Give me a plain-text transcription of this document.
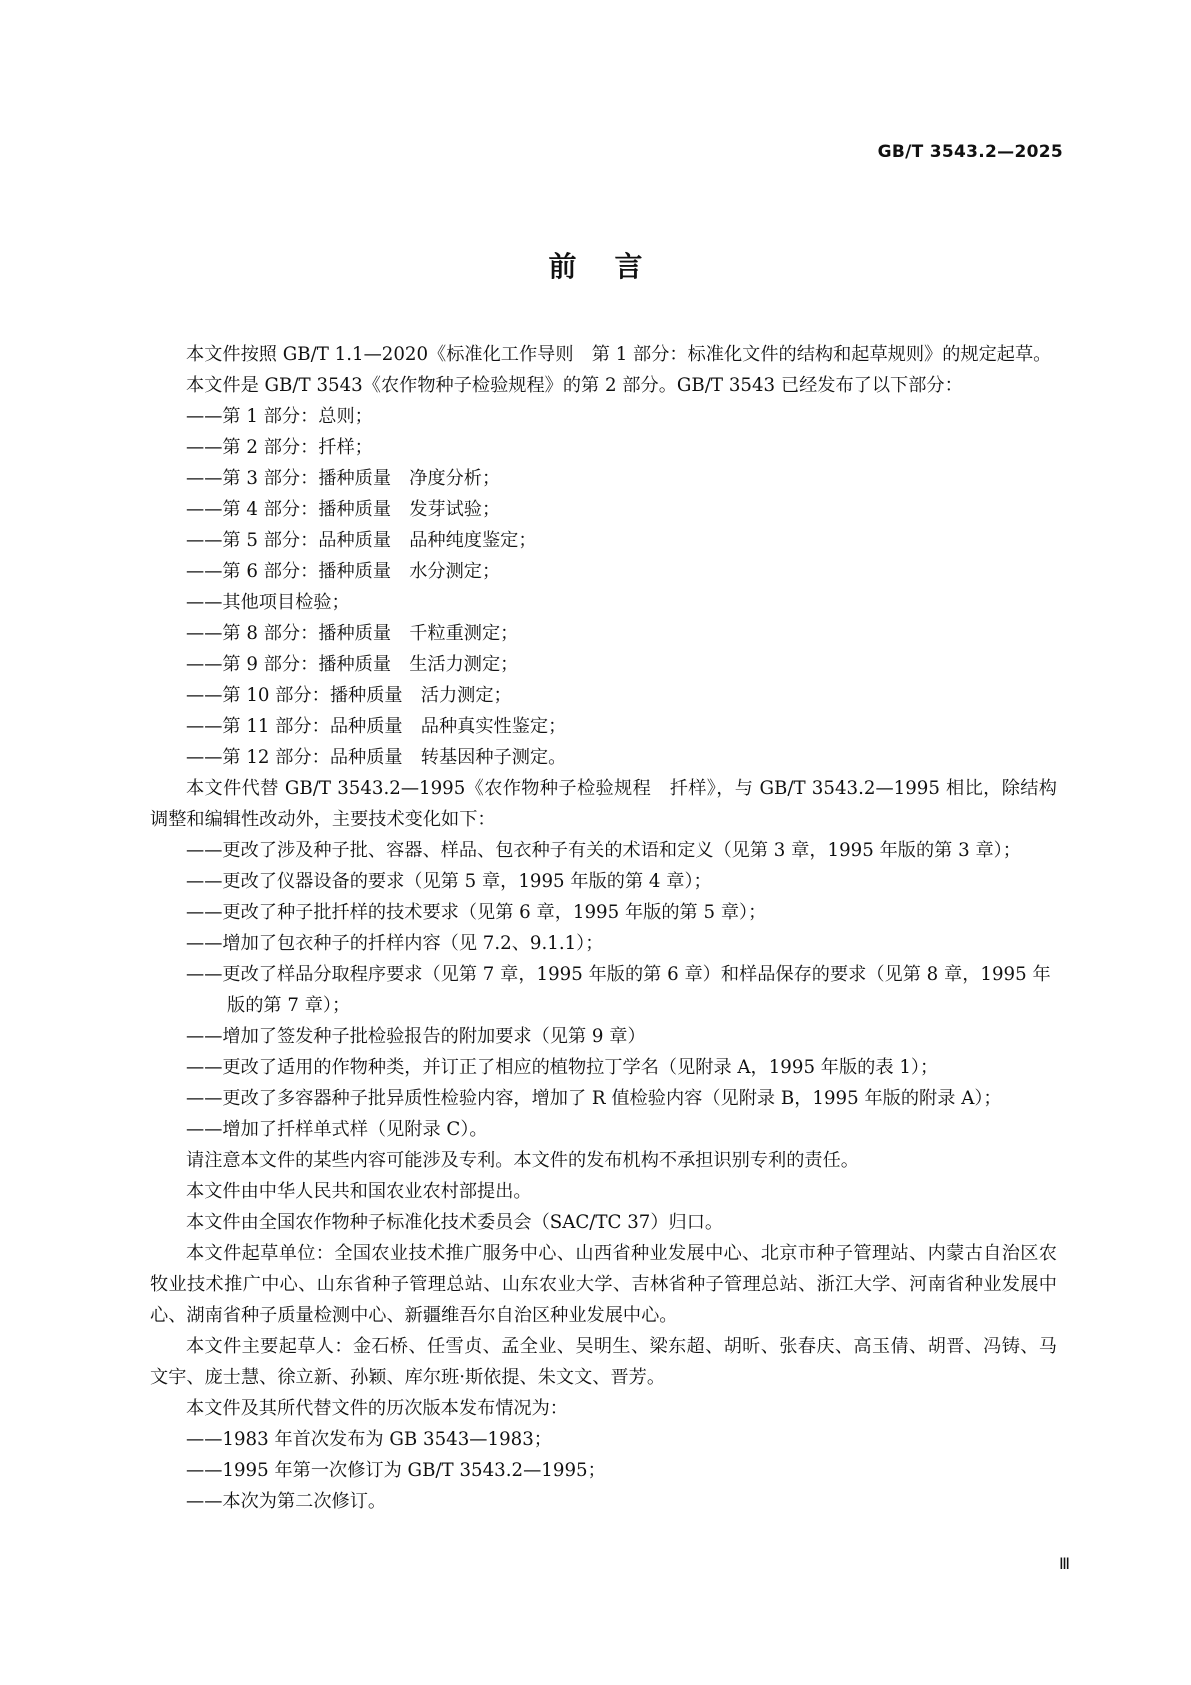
GB/T 3543.2—2025
前言

本文件按照 GB/T 1.1—2020《标准化工作导则　第 1 部分：标准化文件的结构和起草规则》的规定起草。

本文件是 GB/T 3543《农作物种子检验规程》的第 2 部分。GB/T 3543 已经发布了以下部分：

——第 1 部分：总则；

——第 2 部分：扦样；

——第 3 部分：播种质量　净度分析；

——第 4 部分：播种质量　发芽试验；

——第 5 部分：品种质量　品种纯度鉴定；

——第 6 部分：播种质量　水分测定；

——其他项目检验；

——第 8 部分：播种质量　千粒重测定；

——第 9 部分：播种质量　生活力测定；

——第 10 部分：播种质量　活力测定；

——第 11 部分：品种质量　品种真实性鉴定；

——第 12 部分：品种质量　转基因种子测定。

本文件代替 GB/T 3543.2—1995《农作物种子检验规程　扦样》，与 GB/T 3543.2—1995 相比，除结构调整和编辑性改动外，主要技术变化如下：

——更改了涉及种子批、容器、样品、包衣种子有关的术语和定义（见第 3 章，1995 年版的第 3 章）；

——更改了仪器设备的要求（见第 5 章，1995 年版的第 4 章）；

——更改了种子批扦样的技术要求（见第 6 章，1995 年版的第 5 章）；

——增加了包衣种子的扦样内容（见 7.2、9.1.1）；

——更改了样品分取程序要求（见第 7 章，1995 年版的第 6 章）和样品保存的要求（见第 8 章，1995 年版的第 7 章）；

——增加了签发种子批检验报告的附加要求（见第 9 章）

——更改了适用的作物种类，并订正了相应的植物拉丁学名（见附录 A，1995 年版的表 1）；

——更改了多容器种子批异质性检验内容，增加了 R 值检验内容（见附录 B，1995 年版的附录 A）；

——增加了扦样单式样（见附录 C）。

请注意本文件的某些内容可能涉及专利。本文件的发布机构不承担识别专利的责任。

本文件由中华人民共和国农业农村部提出。

本文件由全国农作物种子标准化技术委员会（SAC/TC 37）归口。

本文件起草单位：全国农业技术推广服务中心、山西省种业发展中心、北京市种子管理站、内蒙古自治区农牧业技术推广中心、山东省种子管理总站、山东农业大学、吉林省种子管理总站、浙江大学、河南省种业发展中心、湖南省种子质量检测中心、新疆维吾尔自治区种业发展中心。

本文件主要起草人：金石桥、任雪贞、孟全业、吴明生、梁东超、胡昕、张春庆、高玉倩、胡晋、冯铸、马文宇、庞士慧、徐立新、孙颖、库尔班·斯依提、朱文文、晋芳。

本文件及其所代替文件的历次版本发布情况为：

——1983 年首次发布为 GB 3543—1983；

——1995 年第一次修订为 GB/T 3543.2—1995；

——本次为第二次修订。

Ⅲ
